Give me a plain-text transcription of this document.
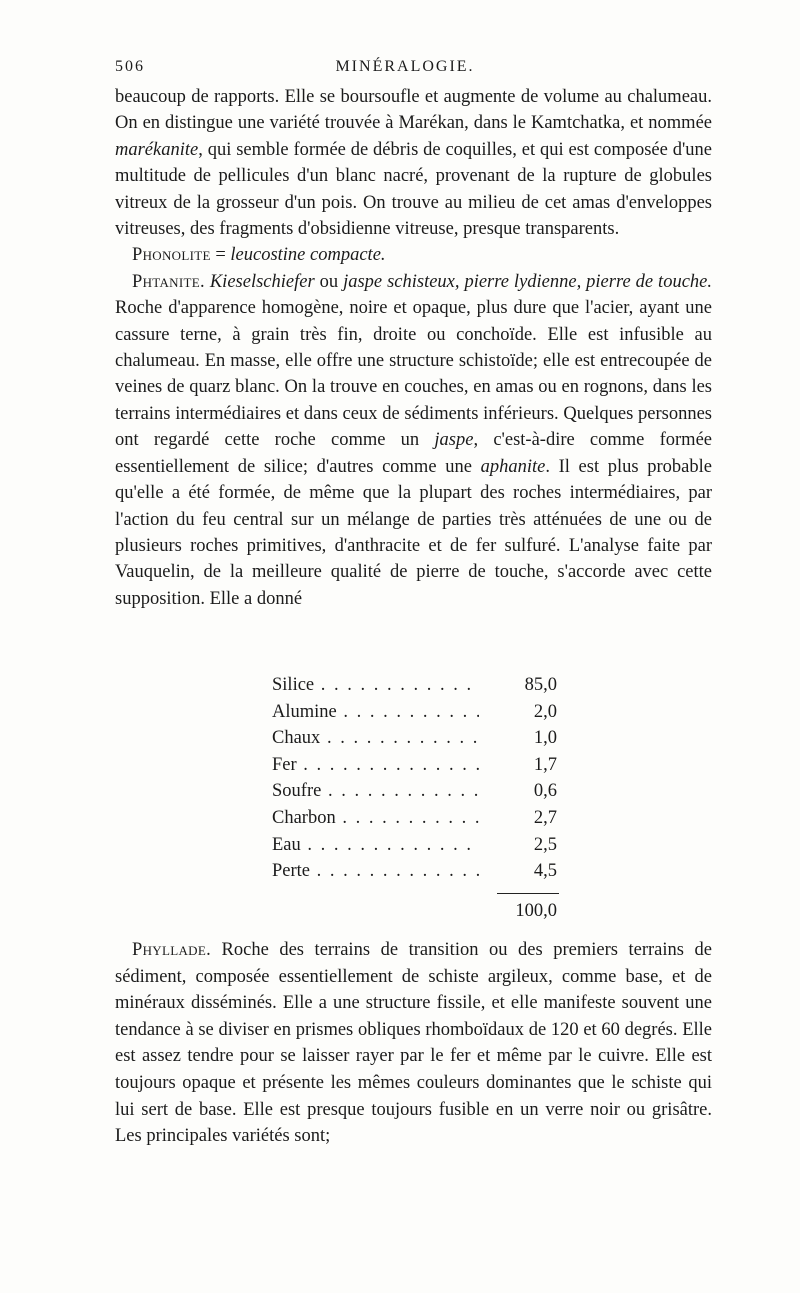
506	MINÉRALOGIE.

beaucoup de rapports. Elle se boursoufle et augmente de volume au chalumeau. On en distingue une variété trouvée à Marékan, dans le Kamtchatka, et nommée marékanite, qui semble formée de débris de coquilles, et qui est composée d'une multitude de pellicules d'un blanc nacré, provenant de la rupture de globules vitreux de la grosseur d'un pois. On trouve au milieu de cet amas d'enveloppes vitreuses, des fragments d'obsidienne vitreuse, presque transparents.

Phonolite = leucostine compacte.

Phtanite. Kieselschiefer ou jaspe schisteux, pierre lydienne, pierre de touche. Roche d'apparence homogène, noire et opaque, plus dure que l'acier, ayant une cassure terne, à grain très fin, droite ou conchoïde. Elle est infusible au chalumeau. En masse, elle offre une structure schistoïde; elle est entrecoupée de veines de quarz blanc. On la trouve en couches, en amas ou en rognons, dans les terrains intermédiaires et dans ceux de sédiments inférieurs. Quelques personnes ont regardé cette roche comme un jaspe, c'est-à-dire comme formée essentiellement de silice; d'autres comme une aphanite. Il est plus probable qu'elle a été formée, de même que la plupart des roches intermédiaires, par l'action du feu central sur un mélange de parties très atténuées de une ou de plusieurs roches primitives, d'anthracite et de fer sulfuré. L'analyse faite par Vauquelin, de la meilleure qualité de pierre de touche, s'accorde avec cette supposition. Elle a donné

Silice . . .	85,0
Alumine . . .	2,0
Chaux . . .	1,0
Fer . . .	1,7
Soufre . . .	0,6
Charbon . . .	2,7
Eau . . .	2,5
Perte . . .	4,5
100,0

Phyllade. Roche des terrains de transition ou des premiers terrains de sédiment, composée essentiellement de schiste argileux, comme base, et de minéraux disséminés. Elle a une structure fissile, et elle manifeste souvent une tendance à se diviser en prismes obliques rhomboïdaux de 120 et 60 degrés. Elle est assez tendre pour se laisser rayer par le fer et même par le cuivre. Elle est toujours opaque et présente les mêmes couleurs dominantes que le schiste qui lui sert de base. Elle est presque toujours fusible en un verre noir ou grisâtre. Les principales variétés sont;
